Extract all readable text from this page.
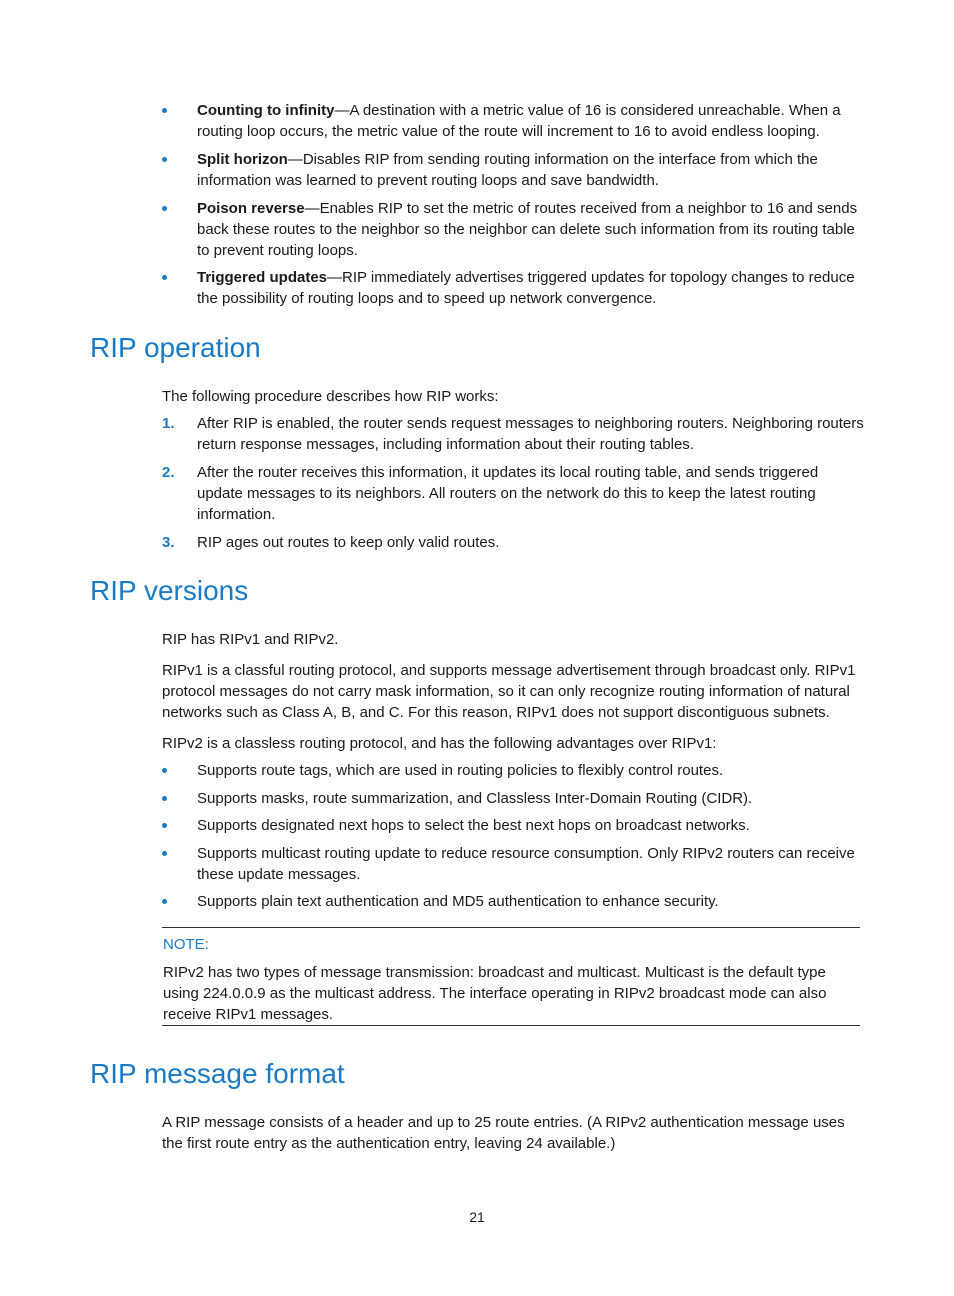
Counting to infinity—A destination with a metric value of 16 is considered unreachable. When a routing loop occurs, the metric value of the route will increment to 16 to avoid endless looping.
Split horizon—Disables RIP from sending routing information on the interface from which the information was learned to prevent routing loops and save bandwidth.
Poison reverse—Enables RIP to set the metric of routes received from a neighbor to 16 and sends back these routes to the neighbor so the neighbor can delete such information from its routing table to prevent routing loops.
Triggered updates—RIP immediately advertises triggered updates for topology changes to reduce the possibility of routing loops and to speed up network convergence.
RIP operation

The following procedure describes how RIP works:

1. After RIP is enabled, the router sends request messages to neighboring routers. Neighboring routers return response messages, including information about their routing tables.
2. After the router receives this information, it updates its local routing table, and sends triggered update messages to its neighbors. All routers on the network do this to keep the latest routing information.
3. RIP ages out routes to keep only valid routes.
RIP versions

RIP has RIPv1 and RIPv2.

RIPv1 is a classful routing protocol, and supports message advertisement through broadcast only. RIPv1 protocol messages do not carry mask information, so it can only recognize routing information of natural networks such as Class A, B, and C. For this reason, RIPv1 does not support discontiguous subnets.

RIPv2 is a classless routing protocol, and has the following advantages over RIPv1:

Supports route tags, which are used in routing policies to flexibly control routes.
Supports masks, route summarization, and Classless Inter-Domain Routing (CIDR).
Supports designated next hops to select the best next hops on broadcast networks.
Supports multicast routing update to reduce resource consumption. Only RIPv2 routers can receive these update messages.
Supports plain text authentication and MD5 authentication to enhance security.
NOTE:
RIPv2 has two types of message transmission: broadcast and multicast. Multicast is the default type using 224.0.0.9 as the multicast address. The interface operating in RIPv2 broadcast mode can also receive RIPv1 messages.
RIP message format

A RIP message consists of a header and up to 25 route entries. (A RIPv2 authentication message uses the first route entry as the authentication entry, leaving 24 available.)

21
